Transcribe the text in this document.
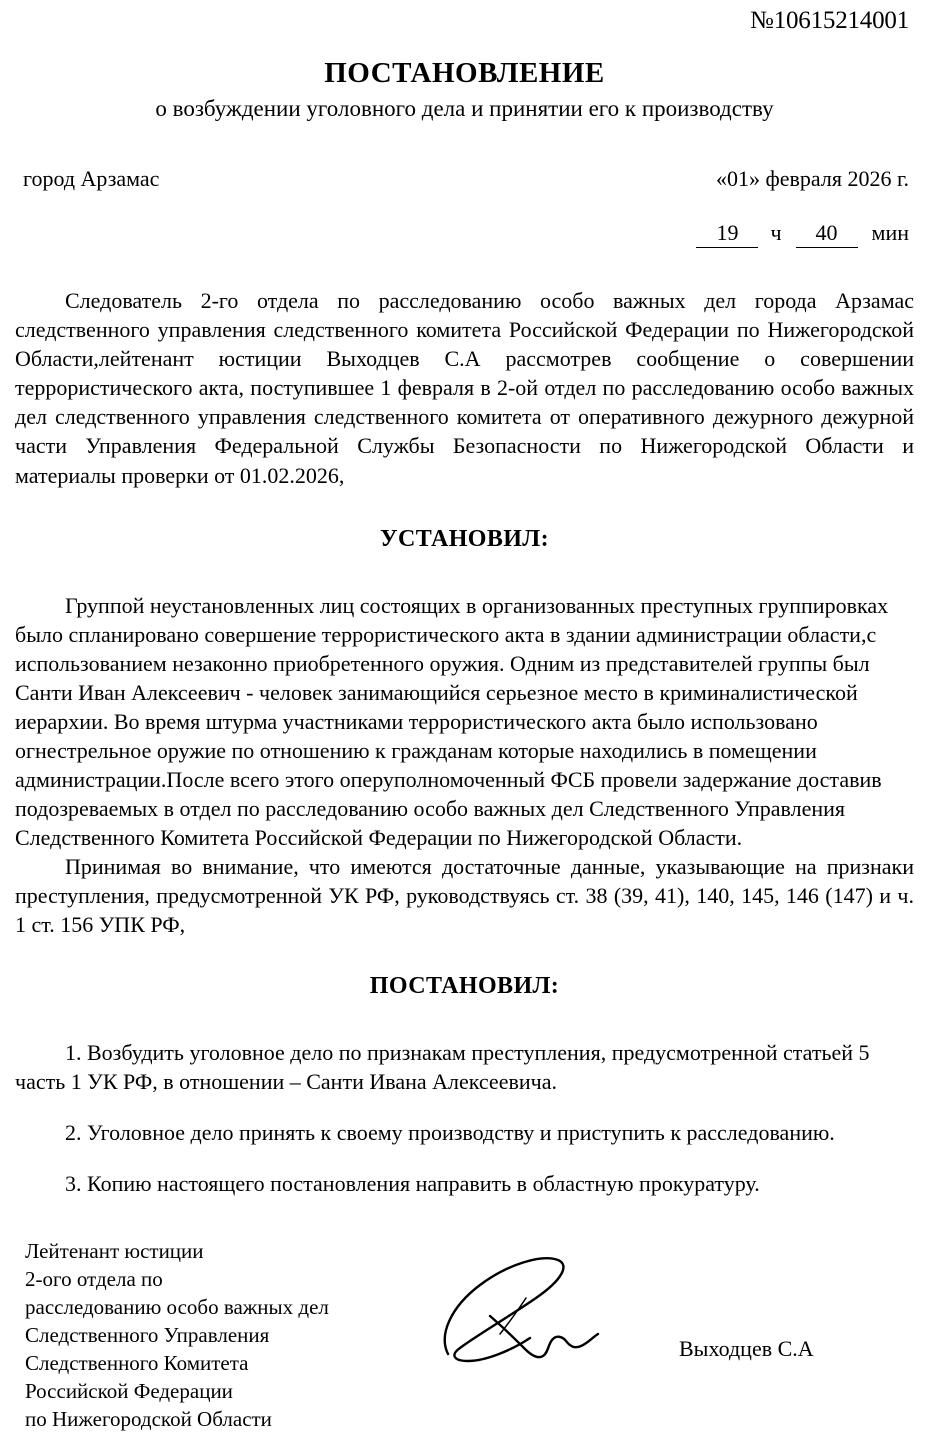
№10615214001
ПОСТАНОВЛЕНИЕ
о возбуждении уголовного дела и принятии его к производству
город Арзамас	«01» февраля 2026 г.
19	ч	40	мин

Следователь 2-го отдела по расследованию особо важных дел города Арзамас следственного управления следственного комитета Российской Федерации по Нижегородской Области,лейтенант юстиции Выходцев С.А рассмотрев сообщение о совершении террористического акта, поступившее 1 февраля в 2-ой отдел по расследованию особо важных дел следственного управления следственного комитета от оперативного дежурного дежурной части Управления Федеральной Службы Безопасности по Нижегородской Области и материалы проверки от 01.02.2026,

УСТАНОВИЛ:

Группой неустановленных лиц состоящих в организованных преступных группировках было спланировано совершение террористического акта в здании администрации области,с использованием незаконно приобретенного оружия. Одним из представителей группы был Санти Иван Алексеевич - человек занимающийся серьезное место в криминалистической иерархии. Во время штурма участниками террористического акта было использовано огнестрельное оружие по отношению к гражданам которые находились в помещении администрации.После всего этого оперуполномоченный ФСБ провели задержание доставив подозреваемых в отдел по расследованию особо важных дел Следственного Управления Следственного Комитета Российской Федерации по Нижегородской Области.

Принимая во внимание, что имеются достаточные данные, указывающие на признаки преступления, предусмотренной УК РФ, руководствуясь ст. 38 (39, 41), 140, 145, 146 (147) и ч. 1 ст. 156 УПК РФ,

ПОСТАНОВИЛ:

1. Возбудить уголовное дело по признакам преступления, предусмотренной статьей 5 часть 1 УК РФ, в отношении – Санти Ивана Алексеевича.

2. Уголовное дело принять к своему производству и приступить к расследованию.

3. Копию настоящего постановления направить в областную прокуратуру.

Лейтенант юстиции
2-ого отдела по
расследованию особо важных дел
Следственного Управления
Следственного Комитета
Российской Федерации
по Нижегородской Области
Выходцев С.А
